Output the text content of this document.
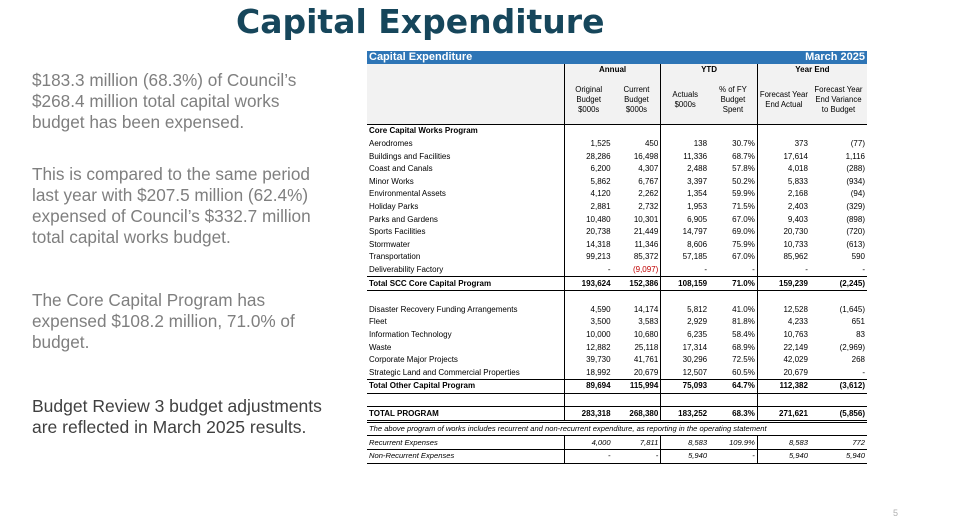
Capital Expenditure

$183.3 million (68.3%) of Council’s $268.4 million total capital works budget has been expensed.

This is compared to the same period last year with $207.5 million (62.4%) expensed of Council’s $332.7 million total capital works budget.

The Core Capital Program has expensed $108.2 million, 71.0% of budget.

Budget Review 3 budget adjustments are reflected in March 2025 results.

Capital Expenditure				March 2025		
	Annual		YTD		Year End	
	Original Budget $000s	Current Budget $000s	Actuals $000s	% of FY Budget Spent	Forecast Year End Actual	Forecast Year End Variance to Budget
Core Capital Works Program						
Aerodromes	1,525	450	138	30.7%	373	(77)
Buildings and Facilities	28,286	16,498	11,336	68.7%	17,614	1,116
Coast and Canals	6,200	4,307	2,488	57.8%	4,018	(288)
Minor Works	5,862	6,767	3,397	50.2%	5,833	(934)
Environmental Assets	4,120	2,262	1,354	59.9%	2,168	(94)
Holiday Parks	2,881	2,732	1,953	71.5%	2,403	(329)
Parks and Gardens	10,480	10,301	6,905	67.0%	9,403	(898)
Sports Facilities	20,738	21,449	14,797	69.0%	20,730	(720)
Stormwater	14,318	11,346	8,606	75.9%	10,733	(613)
Transportation	99,213	85,372	57,185	67.0%	85,962	590
Deliverability Factory	-	(9,097)	-	-	-	-
Total SCC Core Capital Program	193,624	152,386	108,159	71.0%	159,239	(2,245)

Disaster Recovery Funding Arrangements	4,590	14,174	5,812	41.0%	12,528	(1,645)
Fleet	3,500	3,583	2,929	81.8%	4,233	651
Information Technology	10,000	10,680	6,235	58.4%	10,763	83
Waste	12,882	25,118	17,314	68.9%	22,149	(2,969)
Corporate Major Projects	39,730	41,761	30,296	72.5%	42,029	268
Strategic Land and Commercial Properties	18,992	20,679	12,507	60.5%	20,679	-
Total Other Capital Program	89,694	115,994	75,093	64.7%	112,382	(3,612)

TOTAL PROGRAM	283,318	268,380	183,252	68.3%	271,621	(5,856)
The above program of works includes recurrent and non-recurrent expenditure, as reporting in the operating statement						
Recurrent Expenses	4,000	7,811	8,583	109.9%	8,583	772
Non-Recurrent Expenses	-	-	5,940	-	5,940	5,940
5
